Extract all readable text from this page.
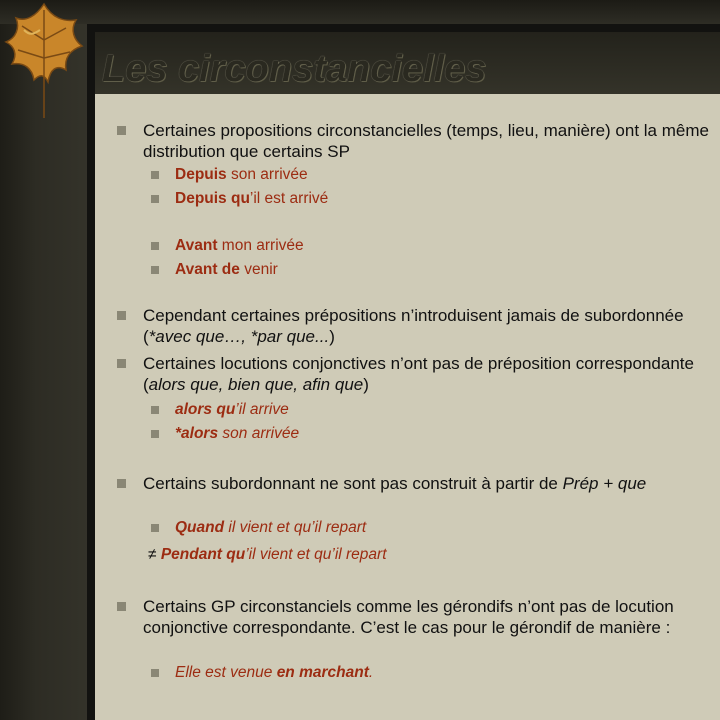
Les circonstancielles
Certaines propositions circonstancielles (temps, lieu, manière) ont la même distribution que certains SP
Depuis son arrivée
Depuis qu’il est arrivé
Avant mon arrivée
Avant de venir
Cependant certaines prépositions n’introduisent jamais de subordonnée (*avec que…, *par que...)
Certaines locutions conjonctives n’ont pas de préposition correspondante (alors que, bien que, afin que)
alors qu’il arrive
*alors son arrivée
Certains subordonnant ne sont pas construit à partir de Prép + que
Quand il vient et qu’il repart
≠ Pendant qu’il vient et qu’il repart
Certains GP circonstanciels comme les gérondifs n’ont pas de locution conjonctive correspondante. C’est le cas pour le gérondif de manière :
Elle est venue en marchant.
